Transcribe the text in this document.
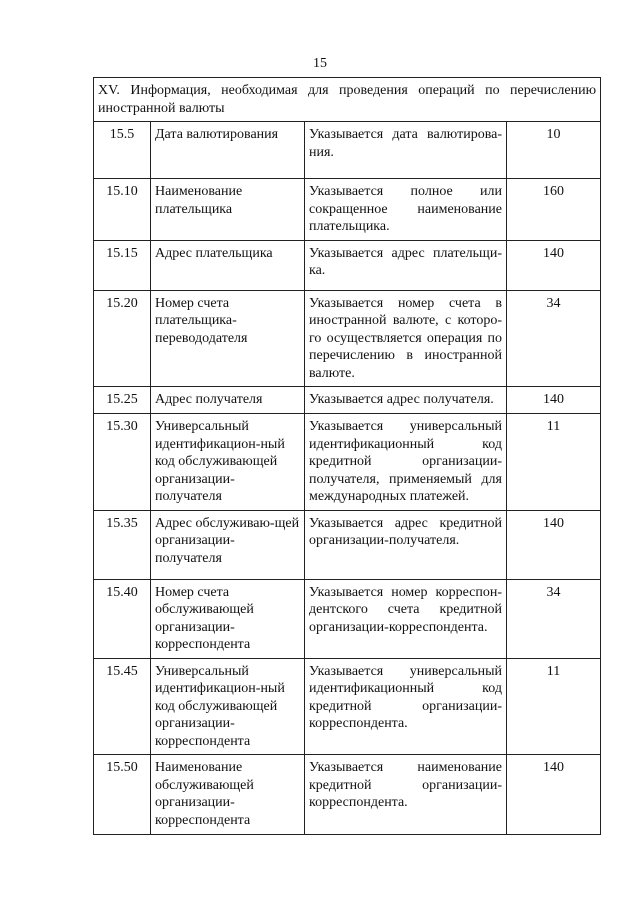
15
XV. Информация, необходимая для проведения операций по перечислению иностранной валюты			
15.5	Дата валютирования	Указывается дата валютирова-ния.	10
15.10	Наименование плательщика	Указывается полное или сокращенное наименование плательщика.	160
15.15	Адрес плательщика	Указывается адрес плательщи-ка.	140
15.20	Номер счета плательщика-перевододателя	Указывается номер счета в иностранной валюте, с которо-го осуществляется операция по перечислению в иностранной валюте.	34
15.25	Адрес получателя	Указывается адрес получателя.	140
15.30	Универсальный идентификацион-ный код обслуживающей организации-получателя	Указывается универсальный идентификационный код кредитной организации-получателя, применяемый для международных платежей.	11
15.35	Адрес обслуживаю-щей организации-получателя	Указывается адрес кредитной организации-получателя.	140
15.40	Номер счета обслуживающей организации-корреспондента	Указывается номер корреспон-дентского счета кредитной организации-корреспондента.	34
15.45	Универсальный идентификацион-ный код обслуживающей организации-корреспондента	Указывается универсальный идентификационный код кредитной организации-корреспондента.	11
15.50	Наименование обслуживающей организации-корреспондента	Указывается наименование кредитной организации-корреспондента.	140
